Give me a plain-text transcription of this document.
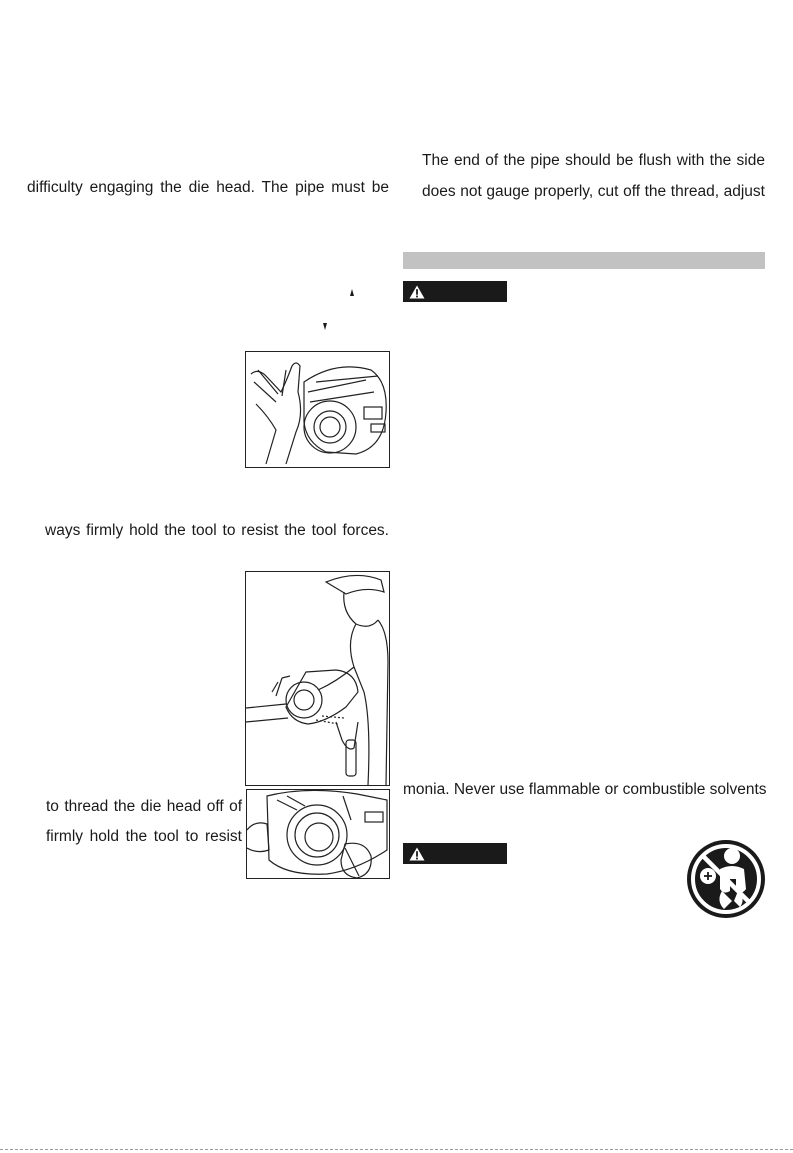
difficulty engaging the die head. The pipe must be
ways firmly hold the tool to resist the tool forces.
to thread the die head off of
firmly hold the tool to resist
The end of the pipe should be flush with the side
does not gauge properly, cut off the thread, adjust
monia. Never use flammable or combustible solvents
